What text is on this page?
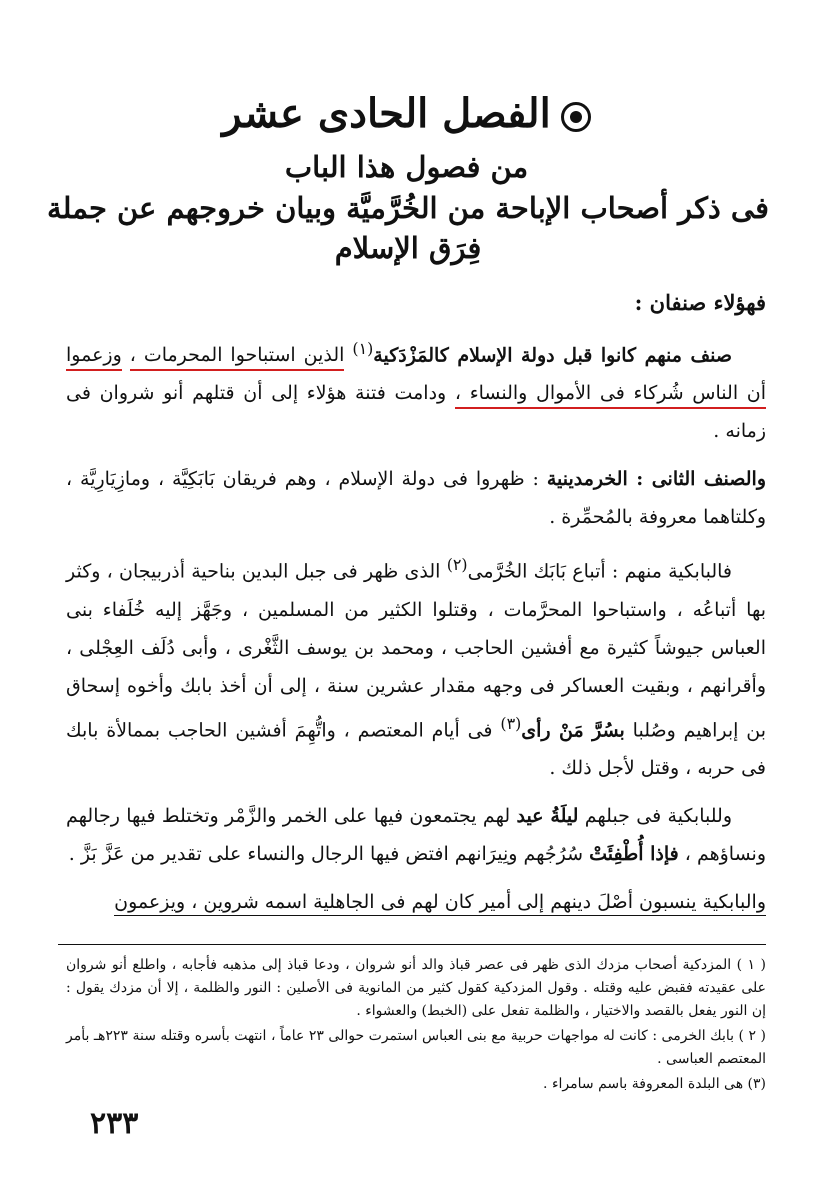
الفصل الحادى عشر
من فصول هذا الباب
فى ذكر أصحاب الإباحة من الخُرَّميَّة وبيان خروجهم عن جملة فِرَق الإسلام

فهؤلاء صنفان :

صنف منهم كانوا قبل دولة الإسلام كالمَزْدَكية$^{(١)}$ الذين استباحوا المحرمات ، وزعموا أن الناس شُركاء فى الأموال والنساء ، ودامت فتنة هؤلاء إلى أن قتلهم أنو شروان فى زمانه .

والصنف الثانى : الخرمدينية : ظهروا فى دولة الإسلام ، وهم فريقان بَابَكِيَّة ، ومازِيَارِيَّة ، وكلتاهما معروفة بالمُحمِّرة .

فالبابكية منهم : أتباع بَابَك الخُرَّمى$^{(٢)}$ الذى ظهر فى جبل البدين بناحية أذربيجان ، وكثر بها أتباعُه ، واستباحوا المحرَّمات ، وقتلوا الكثير من المسلمين ، وجَهَّز إليه خُلَفاء بنى العباس جيوشاً كثيرة مع أفشين الحاجب ، ومحمد بن يوسف الثَّغْرى ، وأبى دُلَف العِجْلى ، وأقرانهم ، وبقيت العساكر فى وجهه مقدار عشرين سنة ، إلى أن أخذ بابك وأخوه إسحاق بن إبراهيم وصُلبا بسُرَّ مَنْ رأى$^{(٣)}$ فى أيام المعتصم ، واتُّهِمَ أفشين الحاجب بممالأة بابك فى حربه ، وقتل لأجل ذلك .

وللبابكية فى جبلهم ليلَةُ عيد لهم يجتمعون فيها على الخمر والزَّمْر وتختلط فيها رجالهم ونساؤهم ، فإذا أُطْفِئَتْ سُرُجُهم ونِيرَانهم افتض فيها الرجال والنساء على تقدير من عَزَّ بَزَّ .

والبابكية ينسبون أصْلَ دينهم إلى أمير كان لهم فى الجاهلية اسمه شروين ، ويزعمون

( ١ ) المزدكية أصحاب مزدك الذى ظهر فى عصر قباذ والد أنو شروان ، ودعا قباذ إلى مذهبه فأجابه ، واطلع أنو شروان على عقيدته فقبض عليه وقتله . وقول المزدكية كقول كثير من المانوية فى الأصلين : النور والظلمة ، إلا أن مزدك يقول : إن النور يفعل بالقصد والاختيار ، والظلمة تفعل على (الخبط) والعشواء .

( ٢ ) بابك الخرمى : كانت له مواجهات حربية مع بنى العباس استمرت حوالى ٢٣ عاماً ، انتهت بأسره وقتله سنة ٢٢٣هـ بأمر المعتصم العباسى .

(٣) هى البلدة المعروفة باسم سامراء .

٢٣٣
